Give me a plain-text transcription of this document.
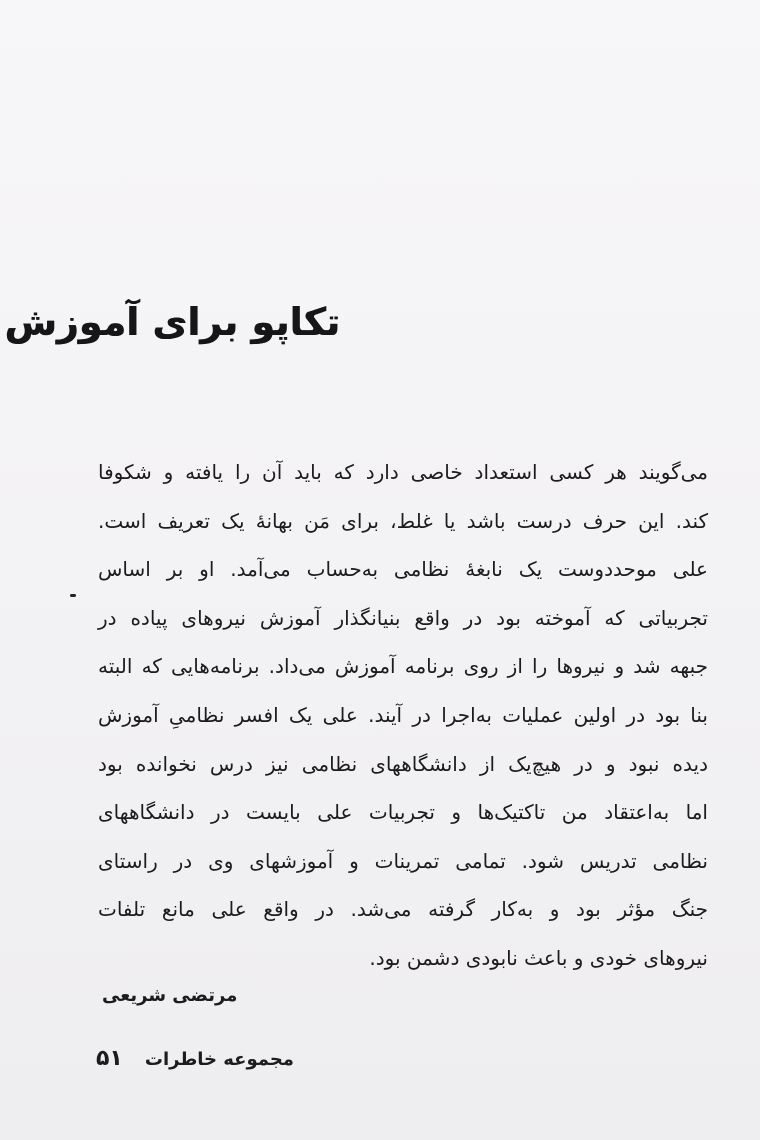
تکاپو برای آموزش
می‌گویند هر کسی استعداد خاصی دارد که باید آن را یافته و شکوفا
کند. این حرف درست باشد یا غلط، برای مَن بهانهٔ یک تعریف است.
علی موحددوست یک نابغهٔ نظامی به‌حساب می‌آمد. او بر اساس
تجربیاتی که آموخته بود در واقع بنیانگذار آموزش نیروهای پیاده در
جبهه شد و نیروها را از روی برنامه آموزش می‌داد. برنامه‌هایی که البته
بنا بود در اولین عملیات به‌اجرا در آیند. علی یک افسر نظامیِ آموزش
دیده نبود و در هیچ‌یک از دانشگاههای نظامی نیز درس نخوانده بود
اما به‌اعتقاد من تاکتیک‌ها و تجربیات علی بایست در دانشگاههای
نظامی تدریس شود. تمامی تمرینات و آموزشهای وی در راستای
جنگ مؤثر بود و به‌کار گرفته می‌شد. در واقع علی مانع تلفات
نیروهای خودی و باعث نابودی دشمن بود.
مرتضی شریعی
۵۱ مجموعه خاطرات
